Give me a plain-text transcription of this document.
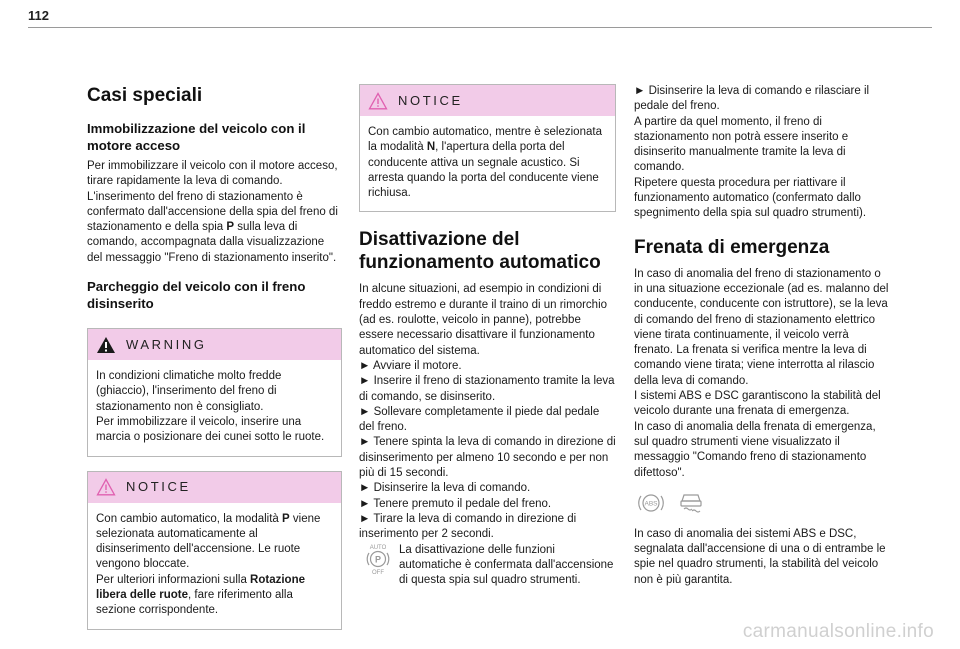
112
Casi speciali
Immobilizzazione del veicolo con il motore acceso

Per immobilizzare il veicolo con il motore acceso, tirare rapidamente la leva di comando. L'inserimento del freno di stazionamento è confermato dall'accensione della spia del freno di stazionamento e della spia P sulla leva di comando, accompagnata dalla visualizzazione del messaggio "Freno di stazionamento inserito".

Parcheggio del veicolo con il freno disinserito
WARNING
In condizioni climatiche molto fredde (ghiaccio), l'inserimento del freno di stazionamento non è consigliato.
Per immobilizzare il veicolo, inserire una marcia o posizionare dei cunei sotto le ruote.
NOTICE
Con cambio automatico, la modalità P viene selezionata automaticamente al disinserimento dell'accensione. Le ruote vengono bloccate.
Per ulteriori informazioni sulla Rotazione libera delle ruote, fare riferimento alla sezione corrispondente.
NOTICE
Con cambio automatico, mentre è selezionata la modalità N, l'apertura della porta del conducente attiva un segnale acustico. Si arresta quando la porta del conducente viene richiusa.
Disattivazione del funzionamento automatico

In alcune situazioni, ad esempio in condizioni di freddo estremo e durante il traino di un rimorchio (ad es. roulotte, veicolo in panne), potrebbe essere necessario disattivare il funzionamento automatico del sistema.

► Avviare il motore.

► Inserire il freno di stazionamento tramite la leva di comando, se disinserito.

► Sollevare completamente il piede dal pedale del freno.

► Tenere spinta la leva di comando in direzione di disinserimento per almeno 10 secondo e per non più di 15 secondi.

► Disinserire la leva di comando.

► Tenere premuto il pedale del freno.

► Tirare la leva di comando in direzione di inserimento per 2 secondi.

AUTO
P
OFF
La disattivazione delle funzioni automatiche è confermata dall'accensione di questa spia sul quadro strumenti.

► Disinserire la leva di comando e rilasciare il pedale del freno.
A partire da quel momento, il freno di stazionamento non potrà essere inserito e disinserito manualmente tramite la leva di comando.
Ripetere questa procedura per riattivare il funzionamento automatico (confermato dallo spegnimento della spia sul quadro strumenti).

Frenata di emergenza

In caso di anomalia del freno di stazionamento o in una situazione eccezionale (ad es. malanno del conducente, conducente con istruttore), se la leva di comando del freno di stazionamento elettrico viene tirata continuamente, il veicolo verrà frenato. La frenata si verifica mentre la leva di comando viene tirata; viene interrotta al rilascio della leva di comando.
I sistemi ABS e DSC garantiscono la stabilità del veicolo durante una frenata di emergenza.
In caso di anomalia della frenata di emergenza, sul quadro strumenti viene visualizzato il messaggio "Comando freno di stazionamento difettoso".

ABS

In caso di anomalia dei sistemi ABS e DSC, segnalata dall'accensione di una o di entrambe le spie nel quadro strumenti, la stabilità del veicolo non è più garantita.

carmanualsonline.info
